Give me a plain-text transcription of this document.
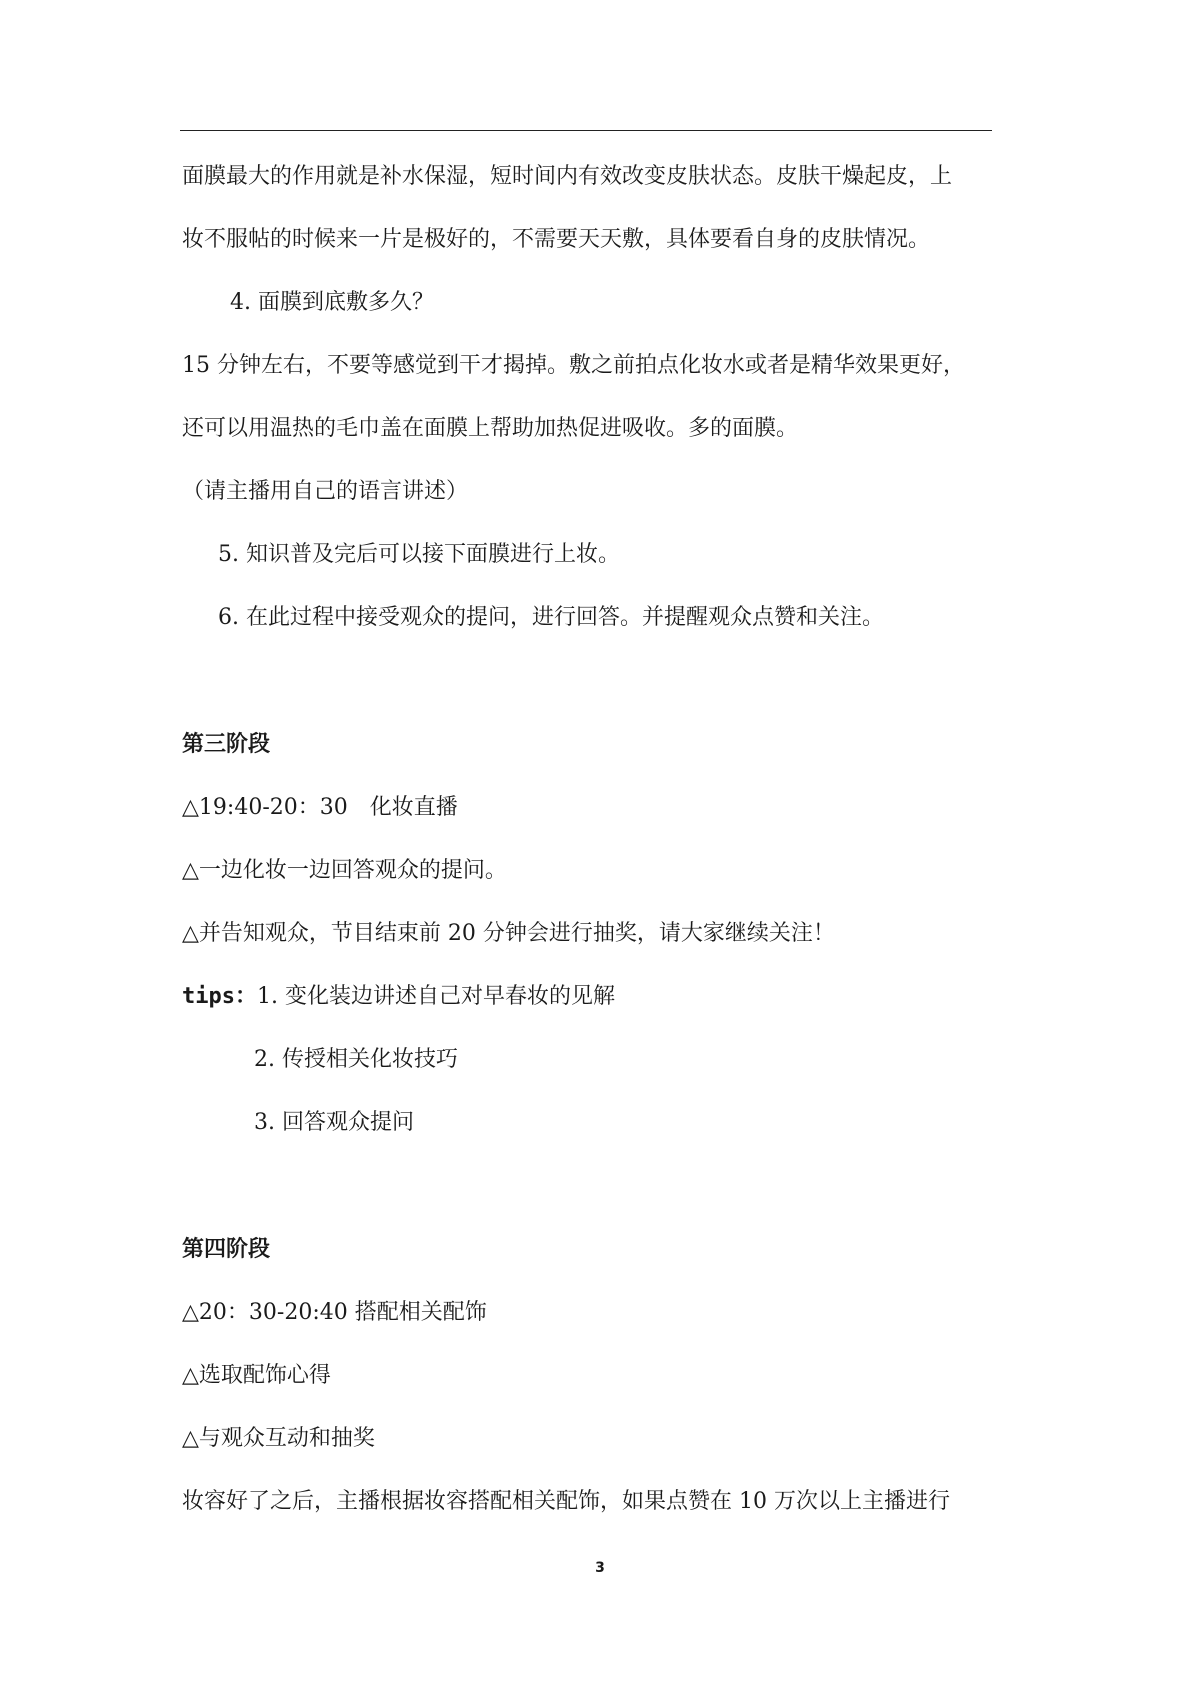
面膜最大的作用就是补水保湿，短时间内有效改变皮肤状态。皮肤干燥起皮，上
妆不服帖的时候来一片是极好的，不需要天天敷，具体要看自身的皮肤情况。
4. 面膜到底敷多久？
15 分钟左右，不要等感觉到干才揭掉。敷之前拍点化妆水或者是精华效果更好，
还可以用温热的毛巾盖在面膜上帮助加热促进吸收。多的面膜。
（请主播用自己的语言讲述）
5. 知识普及完后可以接下面膜进行上妆。
6. 在此过程中接受观众的提问，进行回答。并提醒观众点赞和关注。
第三阶段
△19:40-20：30　化妆直播
△一边化妆一边回答观众的提问。
△并告知观众，节目结束前 20 分钟会进行抽奖，请大家继续关注！
tips：1. 变化装边讲述自己对早春妆的见解
2. 传授相关化妆技巧
3. 回答观众提问
第四阶段
△20：30-20:40 搭配相关配饰
△选取配饰心得
△与观众互动和抽奖
妆容好了之后，主播根据妆容搭配相关配饰，如果点赞在 10 万次以上主播进行
3
